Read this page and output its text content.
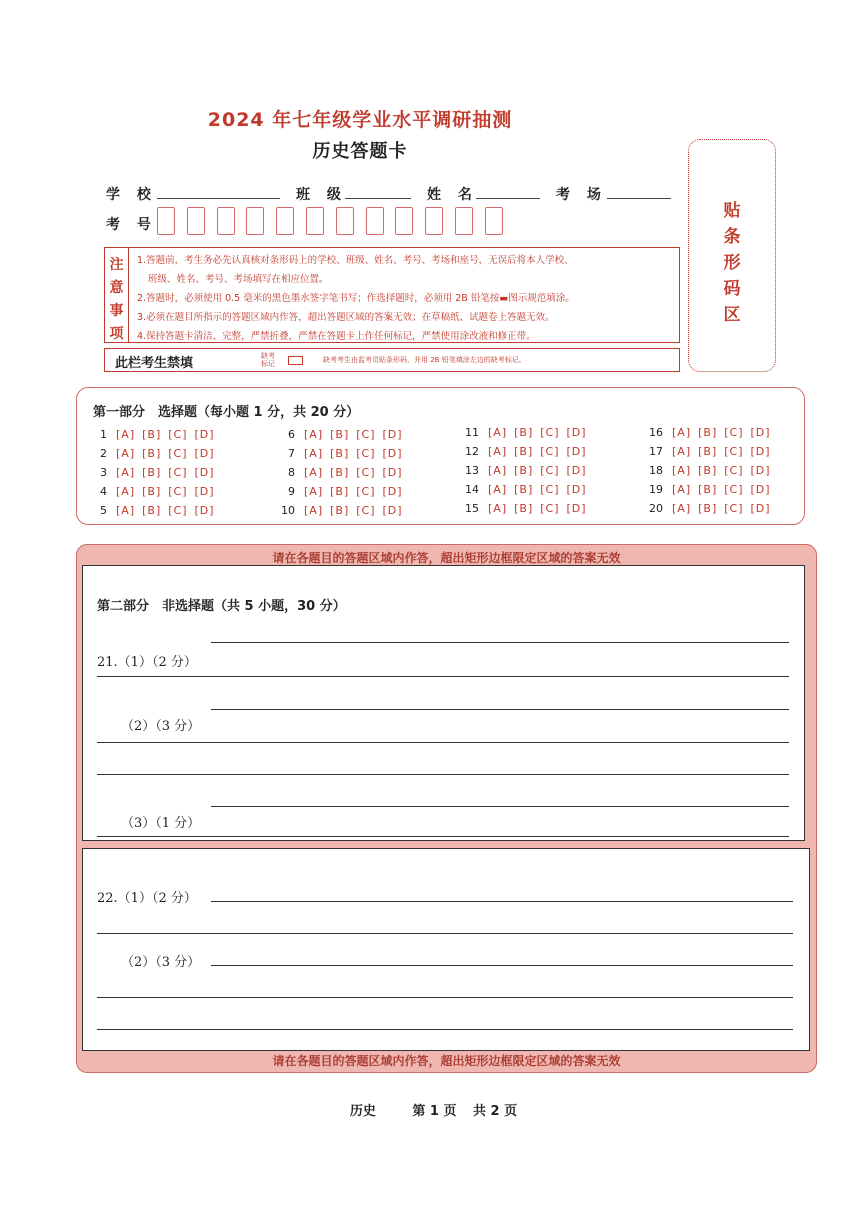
2024 年七年级学业水平调研抽测
历史答题卡
学 校	班 级	姓 名	考 场
考 号
贴
条
形
码
区
注
意
事
项
1.答题前，考生务必先认真核对条形码上的学校、班级、姓名、考号、考场和座号，无误后将本人学校、
班级、姓名、考号、考场填写在相应位置。
2.答题时，必须使用 0.5 毫米的黑色墨水签字笔书写；作选择题时，必须用 2B 铅笔按▬图示规范填涂。
3.必须在题目所指示的答题区域内作答，超出答题区域的答案无效；在草稿纸、试题卷上答题无效。
4.保持答题卡清洁、完整，严禁折叠，严禁在答题卡上作任何标记，严禁使用涂改液和修正带。
此栏考生禁填	缺考
标记	缺考考生由监考员贴条形码，并用 2B 铅笔填涂左边的缺考标记。
第一部分　选择题（每小题 1 分，共 20 分）
1 [A] [B] [C] [D]
2 [A] [B] [C] [D]
3 [A] [B] [C] [D]
4 [A] [B] [C] [D]
5 [A] [B] [C] [D]
6 [A] [B] [C] [D]
7 [A] [B] [C] [D]
8 [A] [B] [C] [D]
9 [A] [B] [C] [D]
10 [A] [B] [C] [D]
11 [A] [B] [C] [D]
12 [A] [B] [C] [D]
13 [A] [B] [C] [D]
14 [A] [B] [C] [D]
15 [A] [B] [C] [D]
16 [A] [B] [C] [D]
17 [A] [B] [C] [D]
18 [A] [B] [C] [D]
19 [A] [B] [C] [D]
20 [A] [B] [C] [D]
请在各题目的答题区域内作答，超出矩形边框限定区域的答案无效
第二部分　非选择题（共 5 小题，30 分）
21.（1）（2 分）
（2）（3 分）
（3）（1 分）
22.（1）（2 分）
（2）（3 分）
请在各题目的答题区域内作答，超出矩形边框限定区域的答案无效
历史	第 1 页 共 2 页
